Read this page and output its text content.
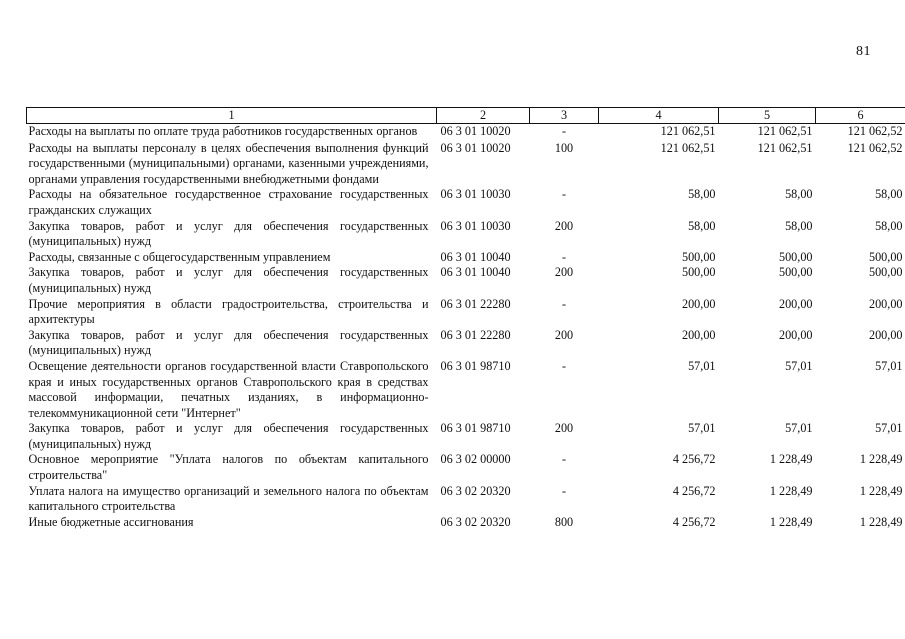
81
1	2	3	4	5	6
Расходы на выплаты по оплате труда работников государственных органов	06 3 01 10020	-	121 062,51	121 062,51	121 062,52
Расходы на выплаты персоналу в целях обеспечения выполнения функций государственными (муниципальными) органами, казенными учреждениями, органами управления государственными внебюджетными фондами	06 3 01 10020	100	121 062,51	121 062,51	121 062,52
Расходы на обязательное государственное страхование государственных гражданских служащих	06 3 01 10030	-	58,00	58,00	58,00
Закупка товаров, работ и услуг для обеспечения государственных (муниципальных) нужд	06 3 01 10030	200	58,00	58,00	58,00
Расходы, связанные с общегосударственным управлением	06 3 01 10040	-	500,00	500,00	500,00
Закупка товаров, работ и услуг для обеспечения государственных (муниципальных) нужд	06 3 01 10040	200	500,00	500,00	500,00
Прочие мероприятия в области градостроительства, строительства и архитектуры	06 3 01 22280	-	200,00	200,00	200,00
Закупка товаров, работ и услуг для обеспечения государственных (муниципальных) нужд	06 3 01 22280	200	200,00	200,00	200,00
Освещение деятельности органов государственной власти Ставропольского края и иных государственных органов Ставропольского края в средствах массовой информации, печатных изданиях, в информационно-телекоммуникационной сети "Интернет"	06 3 01 98710	-	57,01	57,01	57,01
Закупка товаров, работ и услуг для обеспечения государственных (муниципальных) нужд	06 3 01 98710	200	57,01	57,01	57,01
Основное мероприятие "Уплата налогов по объектам капитального строительства"	06 3 02 00000	-	4 256,72	1 228,49	1 228,49
Уплата налога на имущество организаций и земельного налога по объектам капитального строительства	06 3 02 20320	-	4 256,72	1 228,49	1 228,49
Иные бюджетные ассигнования	06 3 02 20320	800	4 256,72	1 228,49	1 228,49
